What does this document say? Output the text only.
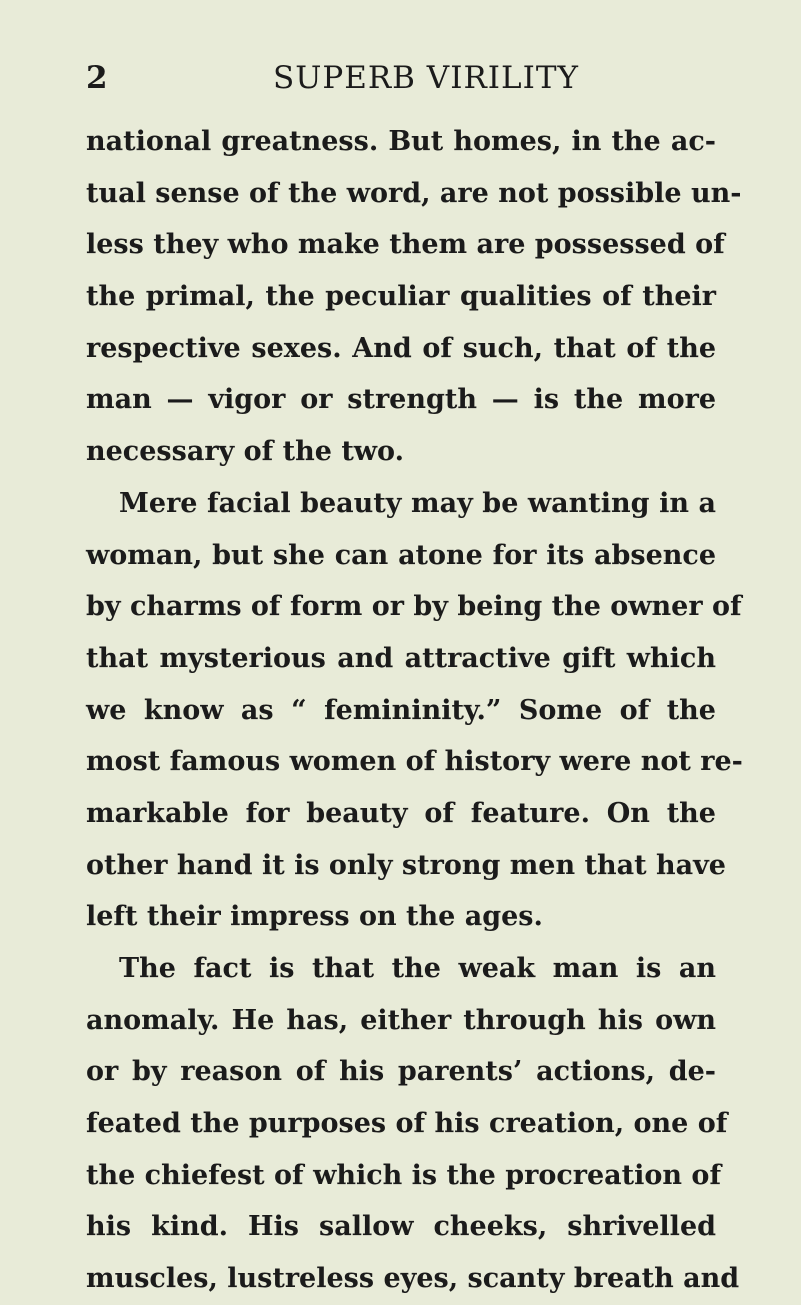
2	SUPERB VIRILITY
national greatness. But homes, in the ac-
tual sense of the word, are not possible un-
less they who make them are possessed of
the primal, the peculiar qualities of their
respective sexes. And of such, that of the
man — vigor or strength — is the more
necessary of the two.
Mere facial beauty may be wanting in a
woman, but she can atone for its absence
by charms of form or by being the owner of
that mysterious and attractive gift which
we know as “ femininity.” Some of the
most famous women of history were not re-
markable for beauty of feature. On the
other hand it is only strong men that have
left their impress on the ages.
The fact is that the weak man is an
anomaly. He has, either through his own
or by reason of his parents’ actions, de-
feated the purposes of his creation, one of
the chiefest of which is the procreation of
his kind. His sallow cheeks, shrivelled
muscles, lustreless eyes, scanty breath and
